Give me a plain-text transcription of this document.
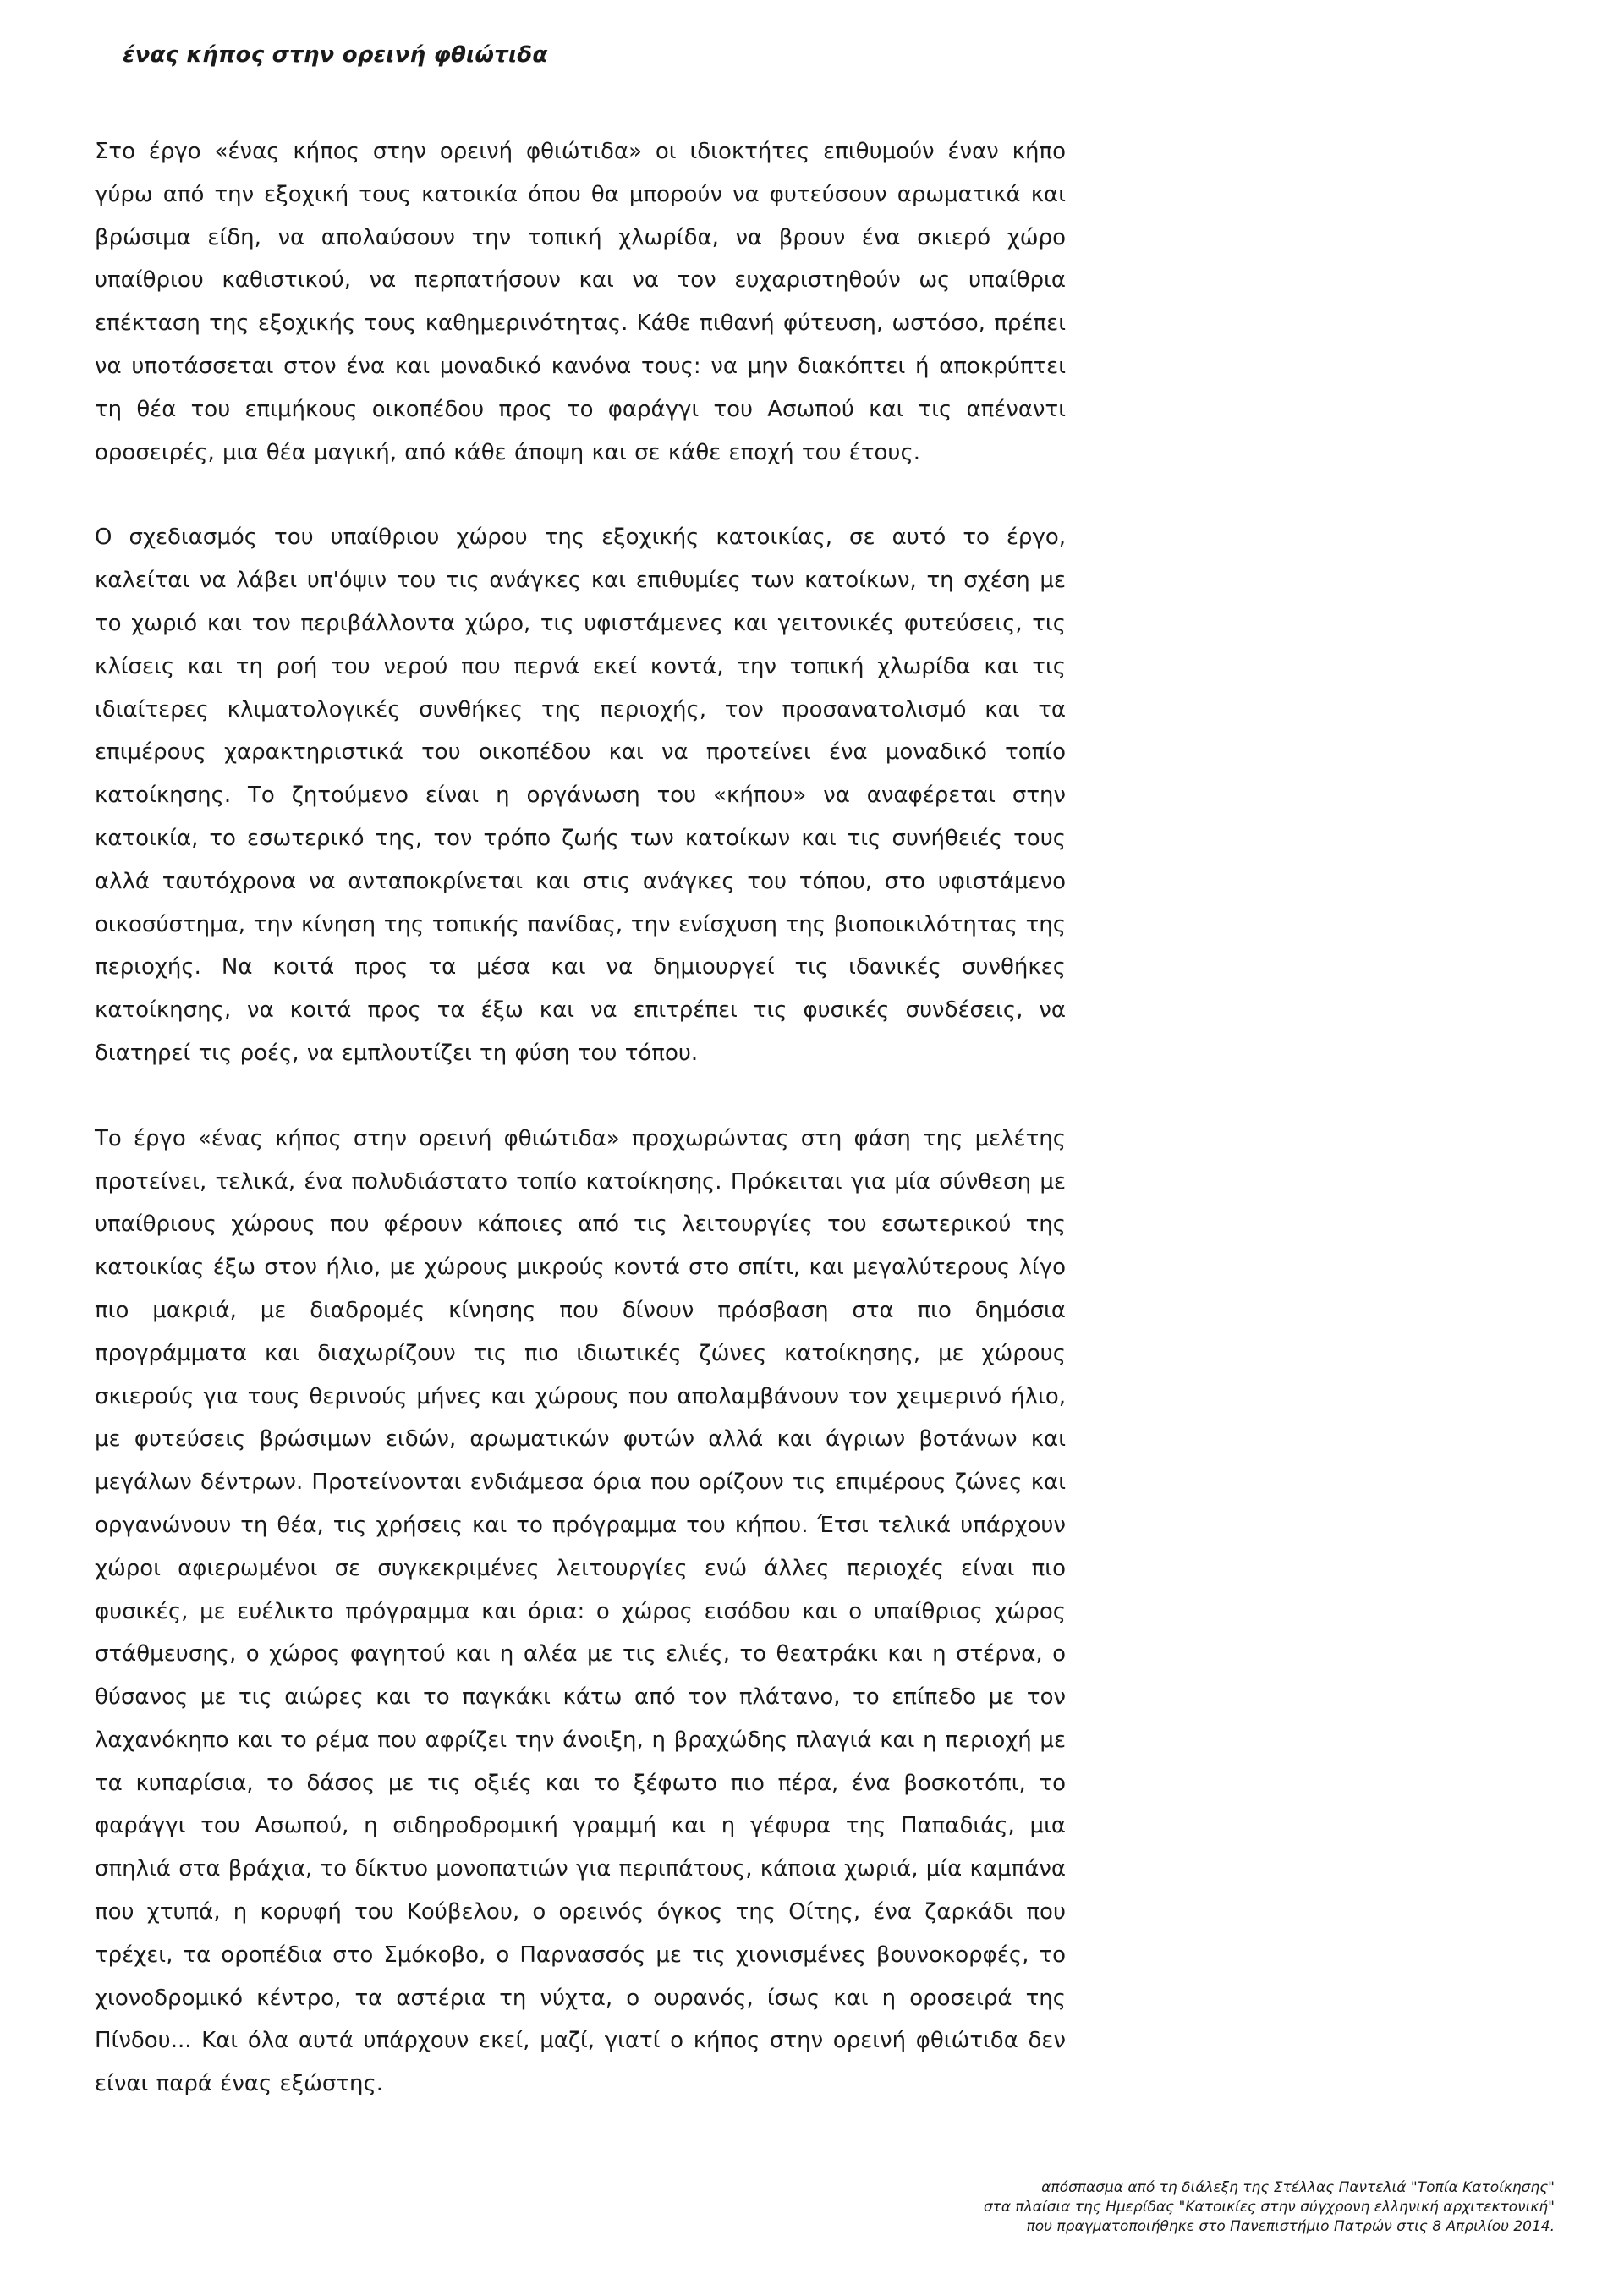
ένας κήπος στην ορεινή φθιώτιδα

Στο έργο «ένας κήπος στην ορεινή φθιώτιδα» οι ιδιοκτήτες επιθυμούν έναν κήπο γύρω από την εξοχική τους κατοικία όπου θα μπορούν να φυτεύσουν αρωματικά και βρώσιμα είδη, να απολαύσουν την τοπική χλωρίδα, να βρουν ένα σκιερό χώρο υπαίθριου καθιστικού, να περπατήσουν και να τον ευχαριστηθούν ως υπαίθρια επέκταση της εξοχικής τους καθημερινότητας. Κάθε πιθανή φύτευση, ωστόσο, πρέπει να υποτάσσεται στον ένα και μοναδικό κανόνα τους: να μην διακόπτει ή αποκρύπτει τη θέα του επιμήκους οικοπέδου προς το φαράγγι του Ασωπού και τις απέναντι οροσειρές, μια θέα μαγική, από κάθε άποψη και σε κάθε εποχή του έτους.

Ο σχεδιασμός του υπαίθριου χώρου της εξοχικής κατοικίας, σε αυτό το έργο, καλείται να λάβει υπ'όψιν του τις ανάγκες και επιθυμίες των κατοίκων, τη σχέση με το χωριό και τον περιβάλλοντα χώρο, τις υφιστάμενες και γειτονικές φυτεύσεις, τις κλίσεις και τη ροή του νερού που περνά εκεί κοντά, την τοπική χλωρίδα και τις ιδιαίτερες κλιματολογικές συνθήκες της περιοχής, τον προσανατολισμό και τα επιμέρους χαρακτηριστικά του οικοπέδου και να προτείνει ένα μοναδικό τοπίο κατοίκησης. Το ζητούμενο είναι η οργάνωση του «κήπου» να αναφέρεται στην κατοικία, το εσωτερικό της, τον τρόπο ζωής των κατοίκων και τις συνήθειές τους αλλά ταυτόχρονα να ανταποκρίνεται και στις ανάγκες του τόπου, στο υφιστάμενο οικοσύστημα, την κίνηση της τοπικής πανίδας, την ενίσχυση της βιοποικιλότητας της περιοχής. Να κοιτά προς τα μέσα και να δημιουργεί τις ιδανικές συνθήκες κατοίκησης, να κοιτά προς τα έξω και να επιτρέπει τις φυσικές συνδέσεις, να διατηρεί τις ροές, να εμπλουτίζει τη φύση του τόπου.

Το έργο «ένας κήπος στην ορεινή φθιώτιδα» προχωρώντας στη φάση της μελέτης προτείνει, τελικά, ένα πολυδιάστατο τοπίο κατοίκησης. Πρόκειται για μία σύνθεση με υπαίθριους χώρους που φέρουν κάποιες από τις λειτουργίες του εσωτερικού της κατοικίας έξω στον ήλιο, με χώρους μικρούς κοντά στο σπίτι, και μεγαλύτερους λίγο πιο μακριά, με διαδρομές κίνησης που δίνουν πρόσβαση στα πιο δημόσια προγράμματα και διαχωρίζουν τις πιο ιδιωτικές ζώνες κατοίκησης, με χώρους σκιερούς για τους θερινούς μήνες και χώρους που απολαμβάνουν τον χειμερινό ήλιο, με φυτεύσεις βρώσιμων ειδών, αρωματικών φυτών αλλά και άγριων βοτάνων και μεγάλων δέντρων. Προτείνονται ενδιάμεσα όρια που ορίζουν τις επιμέρους ζώνες και οργανώνουν τη θέα, τις χρήσεις και το πρόγραμμα του κήπου. Έτσι τελικά υπάρχουν χώροι αφιερωμένοι σε συγκεκριμένες λειτουργίες ενώ άλλες περιοχές είναι πιο φυσικές, με ευέλικτο πρόγραμμα και όρια: ο χώρος εισόδου και ο υπαίθριος χώρος στάθμευσης, ο χώρος φαγητού και η αλέα με τις ελιές, το θεατράκι και η στέρνα, ο θύσανος με τις αιώρες και το παγκάκι κάτω από τον πλάτανο, το επίπεδο με τον λαχανόκηπο και το ρέμα που αφρίζει την άνοιξη, η βραχώδης πλαγιά και η περιοχή με τα κυπαρίσια, το δάσος με τις οξιές και το ξέφωτο πιο πέρα, ένα βοσκοτόπι, το φαράγγι του Ασωπού, η σιδηροδρομική γραμμή και η γέφυρα της Παπαδιάς, μια σπηλιά στα βράχια, το δίκτυο μονοπατιών για περιπάτους, κάποια χωριά, μία καμπάνα που χτυπά, η κορυφή του Κούβελου, ο ορεινός όγκος της Οίτης, ένα ζαρκάδι που τρέχει, τα οροπέδια στο Σμόκοβο, ο Παρνασσός με τις χιονισμένες βουνοκορφές, το χιονοδρομικό κέντρο, τα αστέρια τη νύχτα, ο ουρανός, ίσως και η οροσειρά της Πίνδου... Και όλα αυτά υπάρχουν εκεί, μαζί, γιατί ο κήπος στην ορεινή φθιώτιδα δεν είναι παρά ένας εξώστης.

απόσπασμα από τη διάλεξη της Στέλλας Παντελιά "Τοπία Κατοίκησης"
στα πλαίσια της Ημερίδας "Κατοικίες στην σύγχρονη ελληνική αρχιτεκτονική"
που πραγματοποιήθηκε στο Πανεπιστήμιο Πατρών στις 8 Απριλίου 2014.
